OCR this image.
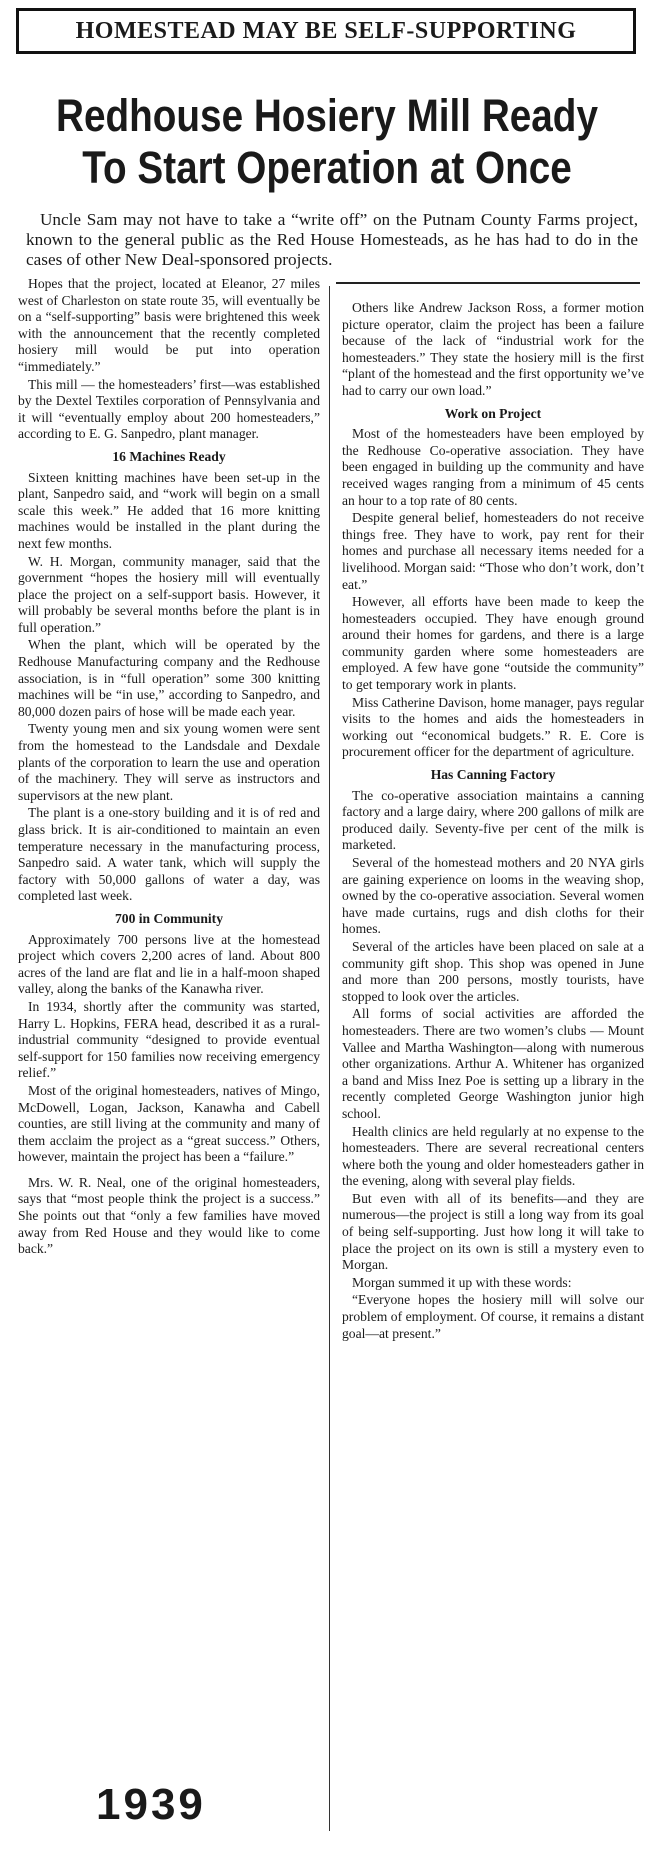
HOMESTEAD MAY BE SELF-SUPPORTING
Redhouse Hosiery Mill Ready
To Start Operation at Once
Uncle Sam may not have to take a “write off” on the Putnam County Farms project, known to the general public as the Red House Homesteads, as he has had to do in the cases of other New Deal-sponsored projects.

Hopes that the project, located at Eleanor, 27 miles west of Charleston on state route 35, will eventually be on a “self-supporting” basis were brightened this week with the announcement that the recently completed hosiery mill would be put into operation “immediately.”

This mill — the homesteaders’ first—was established by the Dextel Textiles corporation of Pennsylvania and it will “eventually employ about 200 homesteaders,” according to E. G. Sanpedro, plant manager.

16 Machines Ready

Sixteen knitting machines have been set-up in the plant, Sanpedro said, and “work will begin on a small scale this week.” He added that 16 more knitting machines would be installed in the plant during the next few months.

W. H. Morgan, community manager, said that the government “hopes the hosiery mill will eventually place the project on a self-support basis. However, it will probably be several months before the plant is in full operation.”

When the plant, which will be operated by the Redhouse Manufacturing company and the Redhouse association, is in “full operation” some 300 knitting machines will be “in use,” according to Sanpedro, and 80,000 dozen pairs of hose will be made each year.

Twenty young men and six young women were sent from the homestead to the Landsdale and Dexdale plants of the corporation to learn the use and operation of the machinery. They will serve as instructors and supervisors at the new plant.

The plant is a one-story building and it is of red and glass brick. It is air-conditioned to maintain an even temperature necessary in the manufacturing process, Sanpedro said. A water tank, which will supply the factory with 50,000 gallons of water a day, was completed last week.

700 in Community

Approximately 700 persons live at the homestead project which covers 2,200 acres of land. About 800 acres of the land are flat and lie in a half-moon shaped valley, along the banks of the Kanawha river.

In 1934, shortly after the community was started, Harry L. Hopkins, FERA head, described it as a rural-industrial community “designed to provide eventual self-support for 150 families now receiving emergency relief.”

Most of the original homesteaders, natives of Mingo, McDowell, Logan, Jackson, Kanawha and Cabell counties, are still living at the community and many of them acclaim the project as a “great success.” Others, however, maintain the project has been a “failure.”

Mrs. W. R. Neal, one of the original homesteaders, says that “most people think the project is a success.” She points out that “only a few families have moved away from Red House and they would like to come back.”

Others like Andrew Jackson Ross, a former motion picture operator, claim the project has been a failure because of the lack of “industrial work for the homesteaders.” They state the hosiery mill is the first “plant of the homestead and the first opportunity we’ve had to carry our own load.”

Work on Project

Most of the homesteaders have been employed by the Redhouse Co-operative association. They have been engaged in building up the community and have received wages ranging from a minimum of 45 cents an hour to a top rate of 80 cents.

Despite general belief, homesteaders do not receive things free. They have to work, pay rent for their homes and purchase all necessary items needed for a livelihood. Morgan said: “Those who don’t work, don’t eat.”

However, all efforts have been made to keep the homesteaders occupied. They have enough ground around their homes for gardens, and there is a large community garden where some homesteaders are employed. A few have gone “outside the community” to get temporary work in plants.

Miss Catherine Davison, home manager, pays regular visits to the homes and aids the homesteaders in working out “economical budgets.” R. E. Core is procurement officer for the department of agriculture.

Has Canning Factory

The co-operative association maintains a canning factory and a large dairy, where 200 gallons of milk are produced daily. Seventy-five per cent of the milk is marketed.

Several of the homestead mothers and 20 NYA girls are gaining experience on looms in the weaving shop, owned by the co-operative association. Several women have made curtains, rugs and dish cloths for their homes.

Several of the articles have been placed on sale at a community gift shop. This shop was opened in June and more than 200 persons, mostly tourists, have stopped to look over the articles.

All forms of social activities are afforded the homesteaders. There are two women’s clubs — Mount Vallee and Martha Washington—along with numerous other organizations. Arthur A. Whitener has organized a band and Miss Inez Poe is setting up a library in the recently completed George Washington junior high school.

Health clinics are held regularly at no expense to the homesteaders. There are several recreational centers where both the young and older homesteaders gather in the evening, along with several play fields.

But even with all of its benefits—and they are numerous—the project is still a long way from its goal of being self-supporting. Just how long it will take to place the project on its own is still a mystery even to Morgan.

Morgan summed it up with these words:

“Everyone hopes the hosiery mill will solve our problem of employment. Of course, it remains a distant goal—at present.”

1939
